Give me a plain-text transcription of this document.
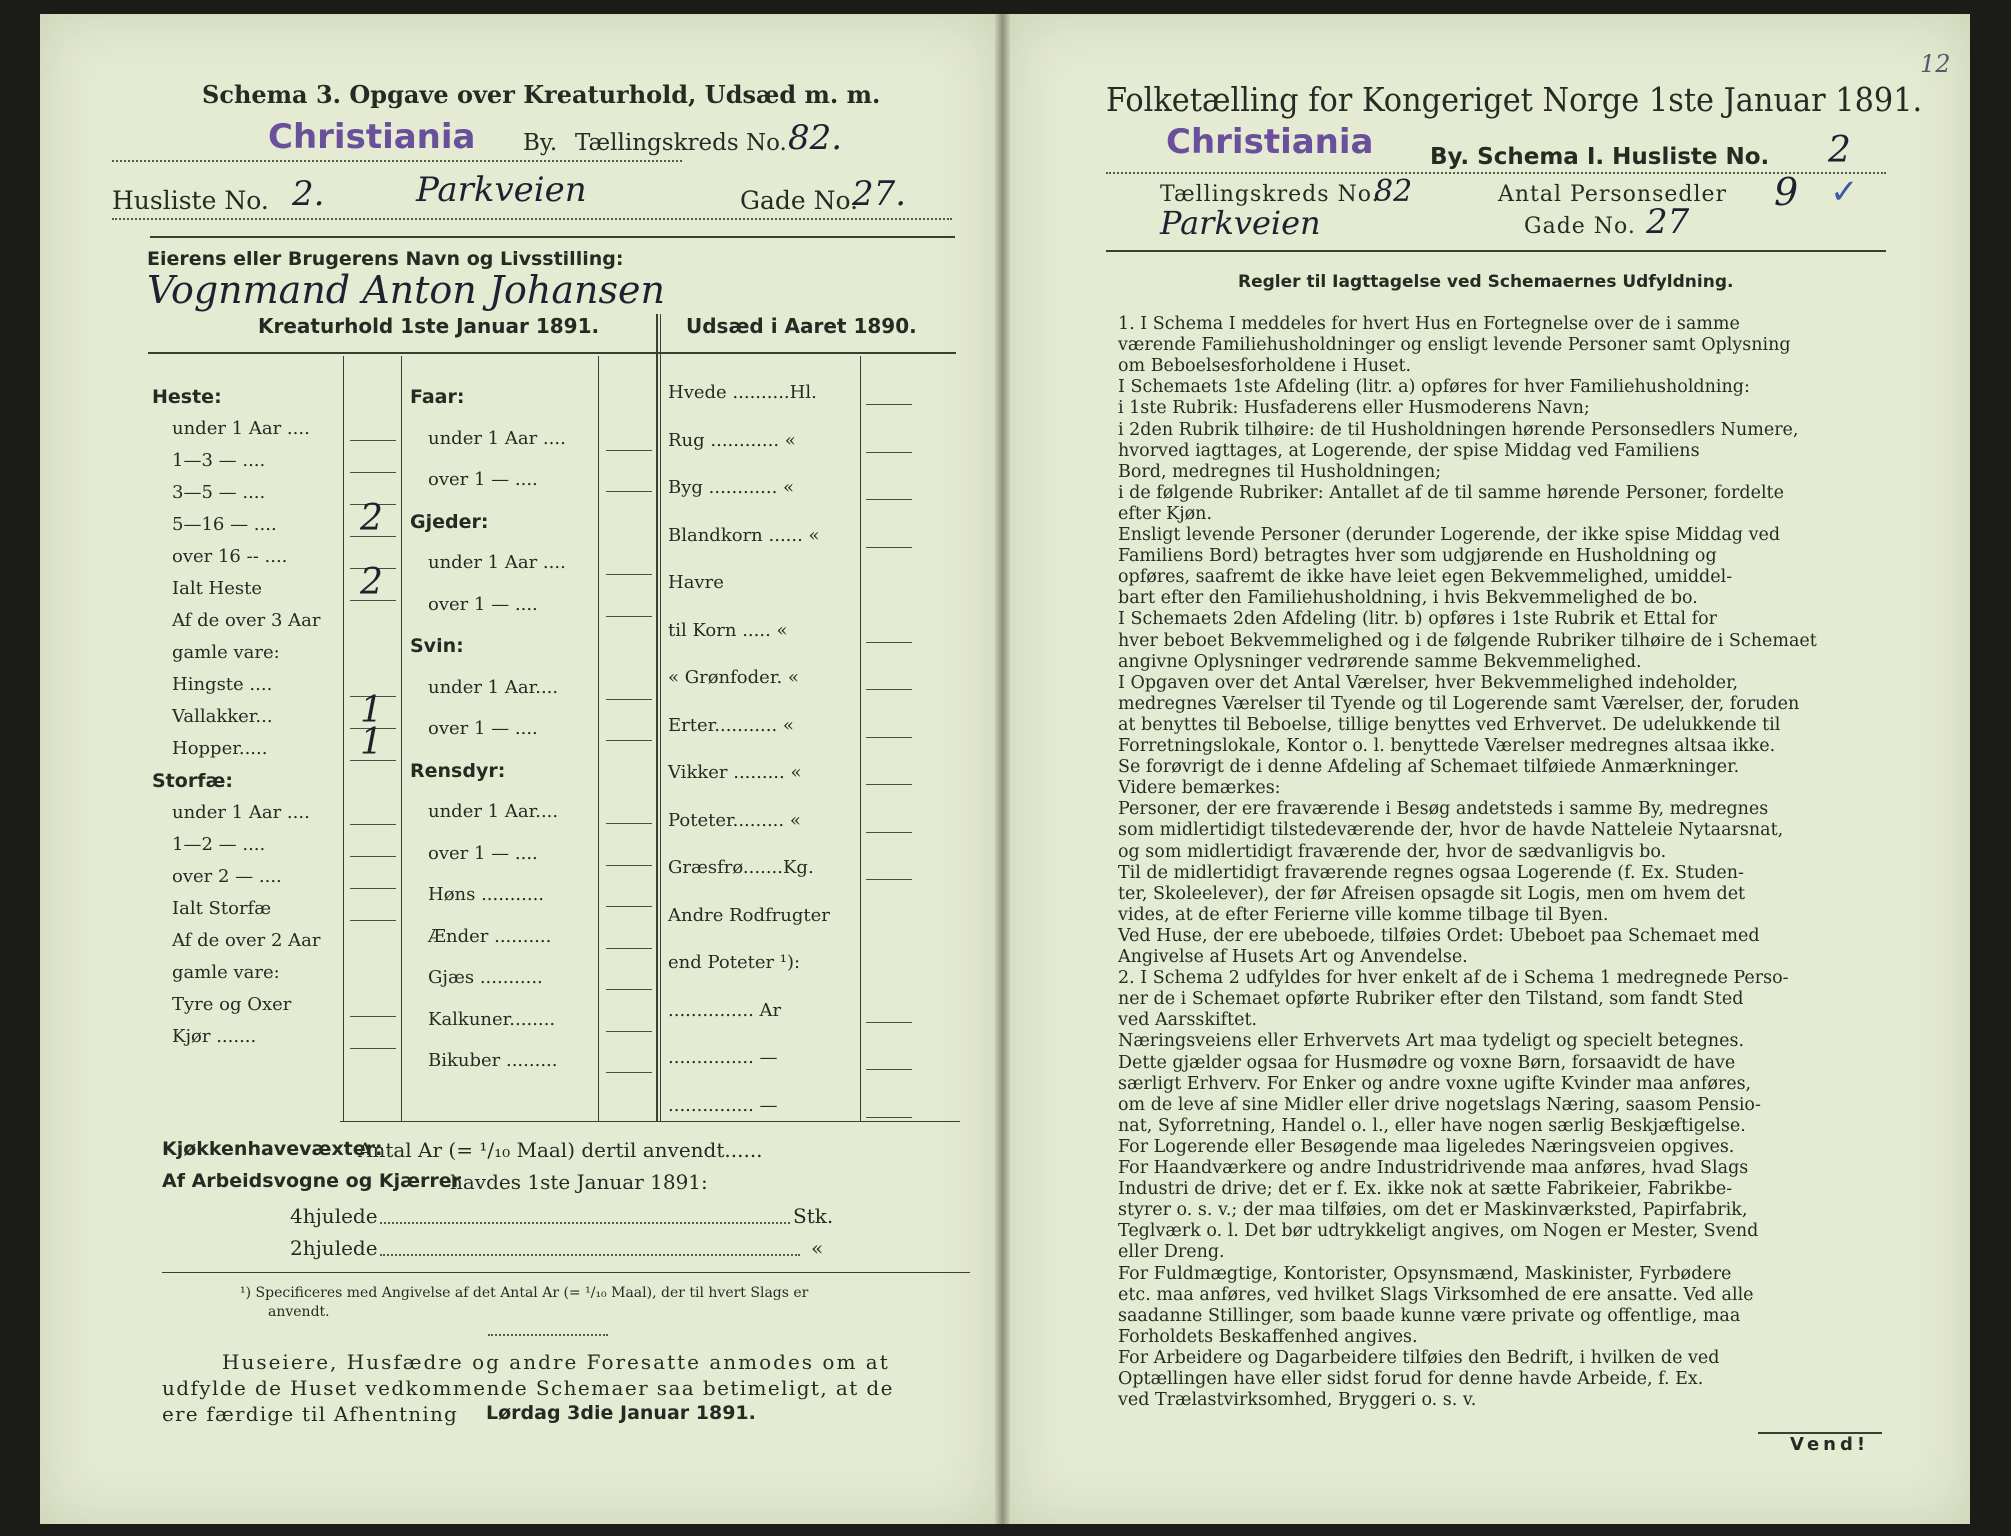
Schema 3. Opgave over Kreaturhold, Udsæd m. m.
Christiania By. Tællingskreds No. 82.
Husliste No. 2.	Parkveien	Gade No.
27.
Eierens eller Brugerens Navn og Livsstilling:
Vognmand Anton Johansen
Kreaturhold 1ste Januar 1891.	Udsæd i Aaret 1890.
Heste:
under 1 Aar ....
1—3 — ....
3—5 — ....
5—16 — .... 2
over 16 -- ....
Ialt Heste	2
Af de over 3 Aar
gamle vare:
Hingste ....
Vallakker... 1
Hopper.....	1
Storfæ:
under 1 Aar ....
1—2 — ....
over 2 — ....
Ialt Storfæ
Af de over 2 Aar
gamle vare:
Tyre og Oxer
Kjør .......
Faar:
under 1 Aar ....
over 1 — ....
Gjeder:
under 1 Aar ....
over 1 — ....
Svin:
under 1 Aar....
over 1 — ....
Rensdyr:
under 1 Aar....
over 1 — ....
Høns ...........
Ænder ..........
Gjæs ...........
Kalkuner........
Bikuber .........
Hvede ..........Hl.
Rug ............ «
Byg ............ «
Blandkorn ...... «
Havre
til Korn ..... «
« Grønfoder. «
Erter........... «
Vikker ......... «
Poteter......... «
Græsfrø.......Kg.
Andre Rodfrugter
end Poteter ¹):
............... Ar
............... —
............... —
Kjøkkenhavevæxter:
Antal Ar (= ¹/₁₀ Maal) dertil anvendt......
Af Arbeidsvogne og Kjærrer
havdes 1ste Januar 1891:
4hjulede	Stk.
2hjulede	«
¹) Specificeres med Angivelse af det Antal Ar (= ¹/₁₀ Maal), der til hvert Slags er
anvendt.
Huseiere, Husfædre og andre Foresatte anmodes om at
udfylde de Huset vedkommende Schemaer saa betimeligt, at de
ere færdige til Afhentning Lørdag 3die Januar 1891.
12
Folketælling for Kongeriget Norge 1ste Januar 1891.
Christiania By. Schema I. Husliste No. 2
Tællingskreds No.
82	Antal Personsedler 9 ✓
Parkveien	Gade No. 27
Regler til Iagttagelse ved Schemaernes Udfyldning.
1. I Schema I meddeles for hvert Hus en Fortegnelse over de i samme
værende Familiehusholdninger og ensligt levende Personer samt Oplysning
om Beboelsesforholdene i Huset.
I Schemaets 1ste Afdeling (litr. a) opføres for hver Familiehusholdning:
i 1ste Rubrik: Husfaderens eller Husmoderens Navn;
i 2den Rubrik tilhøire: de til Husholdningen hørende Personsedlers Numere,
hvorved iagttages, at Logerende, der spise Middag ved Familiens
Bord, medregnes til Husholdningen;
i de følgende Rubriker: Antallet af de til samme hørende Personer, fordelte
efter Kjøn.
Ensligt levende Personer (derunder Logerende, der ikke spise Middag ved
Familiens Bord) betragtes hver som udgjørende en Husholdning og
opføres, saafremt de ikke have leiet egen Bekvemmelighed, umiddel-
bart efter den Familiehusholdning, i hvis Bekvemmelighed de bo.
I Schemaets 2den Afdeling (litr. b) opføres i 1ste Rubrik et Ettal for
hver beboet Bekvemmelighed og i de følgende Rubriker tilhøire de i Schemaet
angivne Oplysninger vedrørende samme Bekvemmelighed.
I Opgaven over det Antal Værelser, hver Bekvemmelighed indeholder,
medregnes Værelser til Tyende og til Logerende samt Værelser, der, foruden
at benyttes til Beboelse, tillige benyttes ved Erhvervet. De udelukkende til
Forretningslokale, Kontor o. l. benyttede Værelser medregnes altsaa ikke.
Se forøvrigt de i denne Afdeling af Schemaet tilføiede Anmærkninger.
Videre bemærkes:
Personer, der ere fraværende i Besøg andetsteds i samme By, medregnes
som midlertidigt tilstedeværende der, hvor de havde Natteleie Nytaarsnat,
og som midlertidigt fraværende der, hvor de sædvanligvis bo.
Til de midlertidigt fraværende regnes ogsaa Logerende (f. Ex. Studen-
ter, Skoleelever), der før Afreisen opsagde sit Logis, men om hvem det
vides, at de efter Ferierne ville komme tilbage til Byen.
Ved Huse, der ere ubeboede, tilføies Ordet: Ubeboet paa Schemaet med
Angivelse af Husets Art og Anvendelse.
2. I Schema 2 udfyldes for hver enkelt af de i Schema 1 medregnede Perso-
ner de i Schemaet opførte Rubriker efter den Tilstand, som fandt Sted
ved Aarsskiftet.
Næringsveiens eller Erhvervets Art maa tydeligt og specielt betegnes.
Dette gjælder ogsaa for Husmødre og voxne Børn, forsaavidt de have
særligt Erhverv. For Enker og andre voxne ugifte Kvinder maa anføres,
om de leve af sine Midler eller drive nogetslags Næring, saasom Pensio-
nat, Syforretning, Handel o. l., eller have nogen særlig Beskjæftigelse.
For Logerende eller Besøgende maa ligeledes Næringsveien opgives.
For Haandværkere og andre Industridrivende maa anføres, hvad Slags
Industri de drive; det er f. Ex. ikke nok at sætte Fabrikeier, Fabrikbe-
styrer o. s. v.; der maa tilføies, om det er Maskinværksted, Papirfabrik,
Teglværk o. l. Det bør udtrykkeligt angives, om Nogen er Mester, Svend
eller Dreng.
For Fuldmægtige, Kontorister, Opsynsmænd, Maskinister, Fyrbødere
etc. maa anføres, ved hvilket Slags Virksomhed de ere ansatte. Ved alle
saadanne Stillinger, som baade kunne være private og offentlige, maa
Forholdets Beskaffenhed angives.
For Arbeidere og Dagarbeidere tilføies den Bedrift, i hvilken de ved
Optællingen have eller sidst forud for denne havde Arbeide, f. Ex.
ved Trælastvirksomhed, Bryggeri o. s. v.
Vend!
